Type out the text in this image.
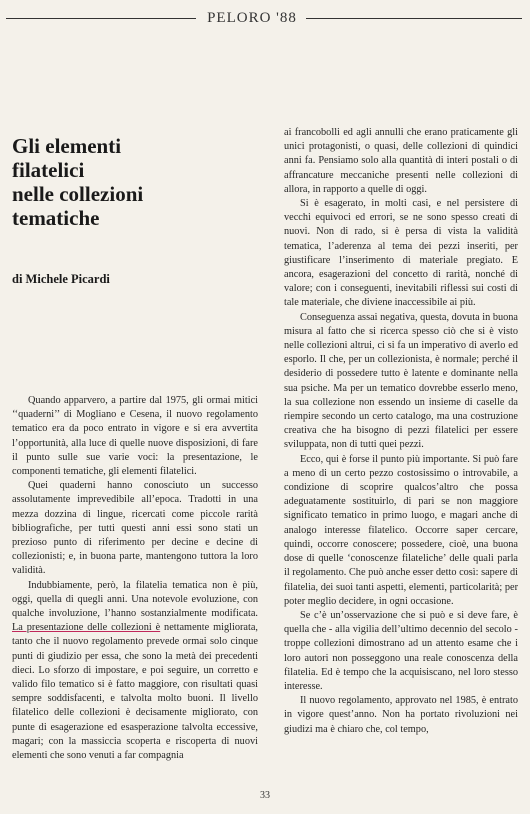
PELORO '88
Gli elementi
filatelici
nelle collezioni
tematiche
di Michele Picardi

Quando apparvero, a partire dal 1975, gli ormai mitici ‘‘quaderni’’ di Mogliano e Cesena, il nuovo regolamento tematico era da poco entrato in vigore e si era avvertita l’opportunità, alla luce di quelle nuove disposizioni, di fare il punto sulle sue varie voci: la presentazione, le componenti tematiche, gli elementi filatelici.

Quei quaderni hanno conosciuto un successo assolutamente imprevedibile all’epoca. Tradotti in una mezza dozzina di lingue, ricercati come piccole rarità bibliografiche, per tutti questi anni essi sono stati un prezioso punto di riferimento per decine e decine di collezionisti; e, in buona parte, mantengono tuttora la loro validità.

Indubbiamente, però, la filatelia tematica non è più, oggi, quella di quegli anni. Una notevole evoluzione, con qualche involuzione, l’hanno sostanzialmente modificata. La presentazione delle collezioni è nettamente migliorata, tanto che il nuovo regolamento prevede ormai solo cinque punti di giudizio per essa, che sono la metà dei precedenti dieci. Lo sforzo di impostare, e poi seguire, un corretto e valido filo tematico si è fatto maggiore, con risultati quasi sempre soddisfacenti, e talvolta molto buoni. Il livello filatelico delle collezioni è decisamente migliorato, con punte di esagerazione ed esasperazione talvolta eccessive, magari; con la massiccia scoperta e riscoperta di nuovi elementi che sono venuti a far compagnia

ai francobolli ed agli annulli che erano praticamente gli unici protagonisti, o quasi, delle collezioni di quindici anni fa. Pensiamo solo alla quantità di interi postali o di affrancature meccaniche presenti nelle collezioni di allora, in rapporto a quelle di oggi.

Si è esagerato, in molti casi, e nel persistere di vecchi equivoci ed errori, se ne sono spesso creati di nuovi. Non di rado, si è persa di vista la validità tematica, l’aderenza al tema dei pezzi inseriti, per giustificare l’inserimento di materiale pregiato. E ancora, esagerazioni del concetto di rarità, nonché di valore; con i conseguenti, inevitabili riflessi sui costi di tale materiale, che diviene inaccessibile ai più.

Conseguenza assai negativa, questa, dovuta in buona misura al fatto che si ricerca spesso ciò che si è visto nelle collezioni altrui, ci si fa un imperativo di averlo ed esporlo. Il che, per un collezionista, è normale; perché il desiderio di possedere tutto è latente e dominante nella sua psiche. Ma per un tematico dovrebbe esserlo meno, la sua collezione non essendo un insieme di caselle da riempire secondo un certo catalogo, ma una costruzione creativa che ha bisogno di pezzi filatelici per essere sviluppata, non di tutti quei pezzi.

Ecco, qui è forse il punto più importante. Si può fare a meno di un certo pezzo costosissimo o introvabile, a condizione di scoprire qualcos’altro che possa adeguatamente sostituirlo, di pari se non maggiore significato tematico in primo luogo, e magari anche di analogo interesse filatelico. Occorre saper cercare, quindi, occorre conoscere; possedere, cioè, una buona dose di quelle ‘conoscenze filateliche’ delle quali parla il regolamento. Che può anche esser detto così: sapere di filatelia, dei suoi tanti aspetti, elementi, particolarità; per poter meglio decidere, in ogni occasione.

Se c’è un’osservazione che si può e si deve fare, è quella che - alla vigilia dell’ultimo decennio del secolo - troppe collezioni dimostrano ad un attento esame che i loro autori non posseggono una reale conoscenza della filatelia. Ed è tempo che la acquisiscano, nel loro stesso interesse.

Il nuovo regolamento, approvato nel 1985, è entrato in vigore quest’anno. Non ha portato rivoluzioni nei giudizi ma è chiaro che, col tempo,

33
